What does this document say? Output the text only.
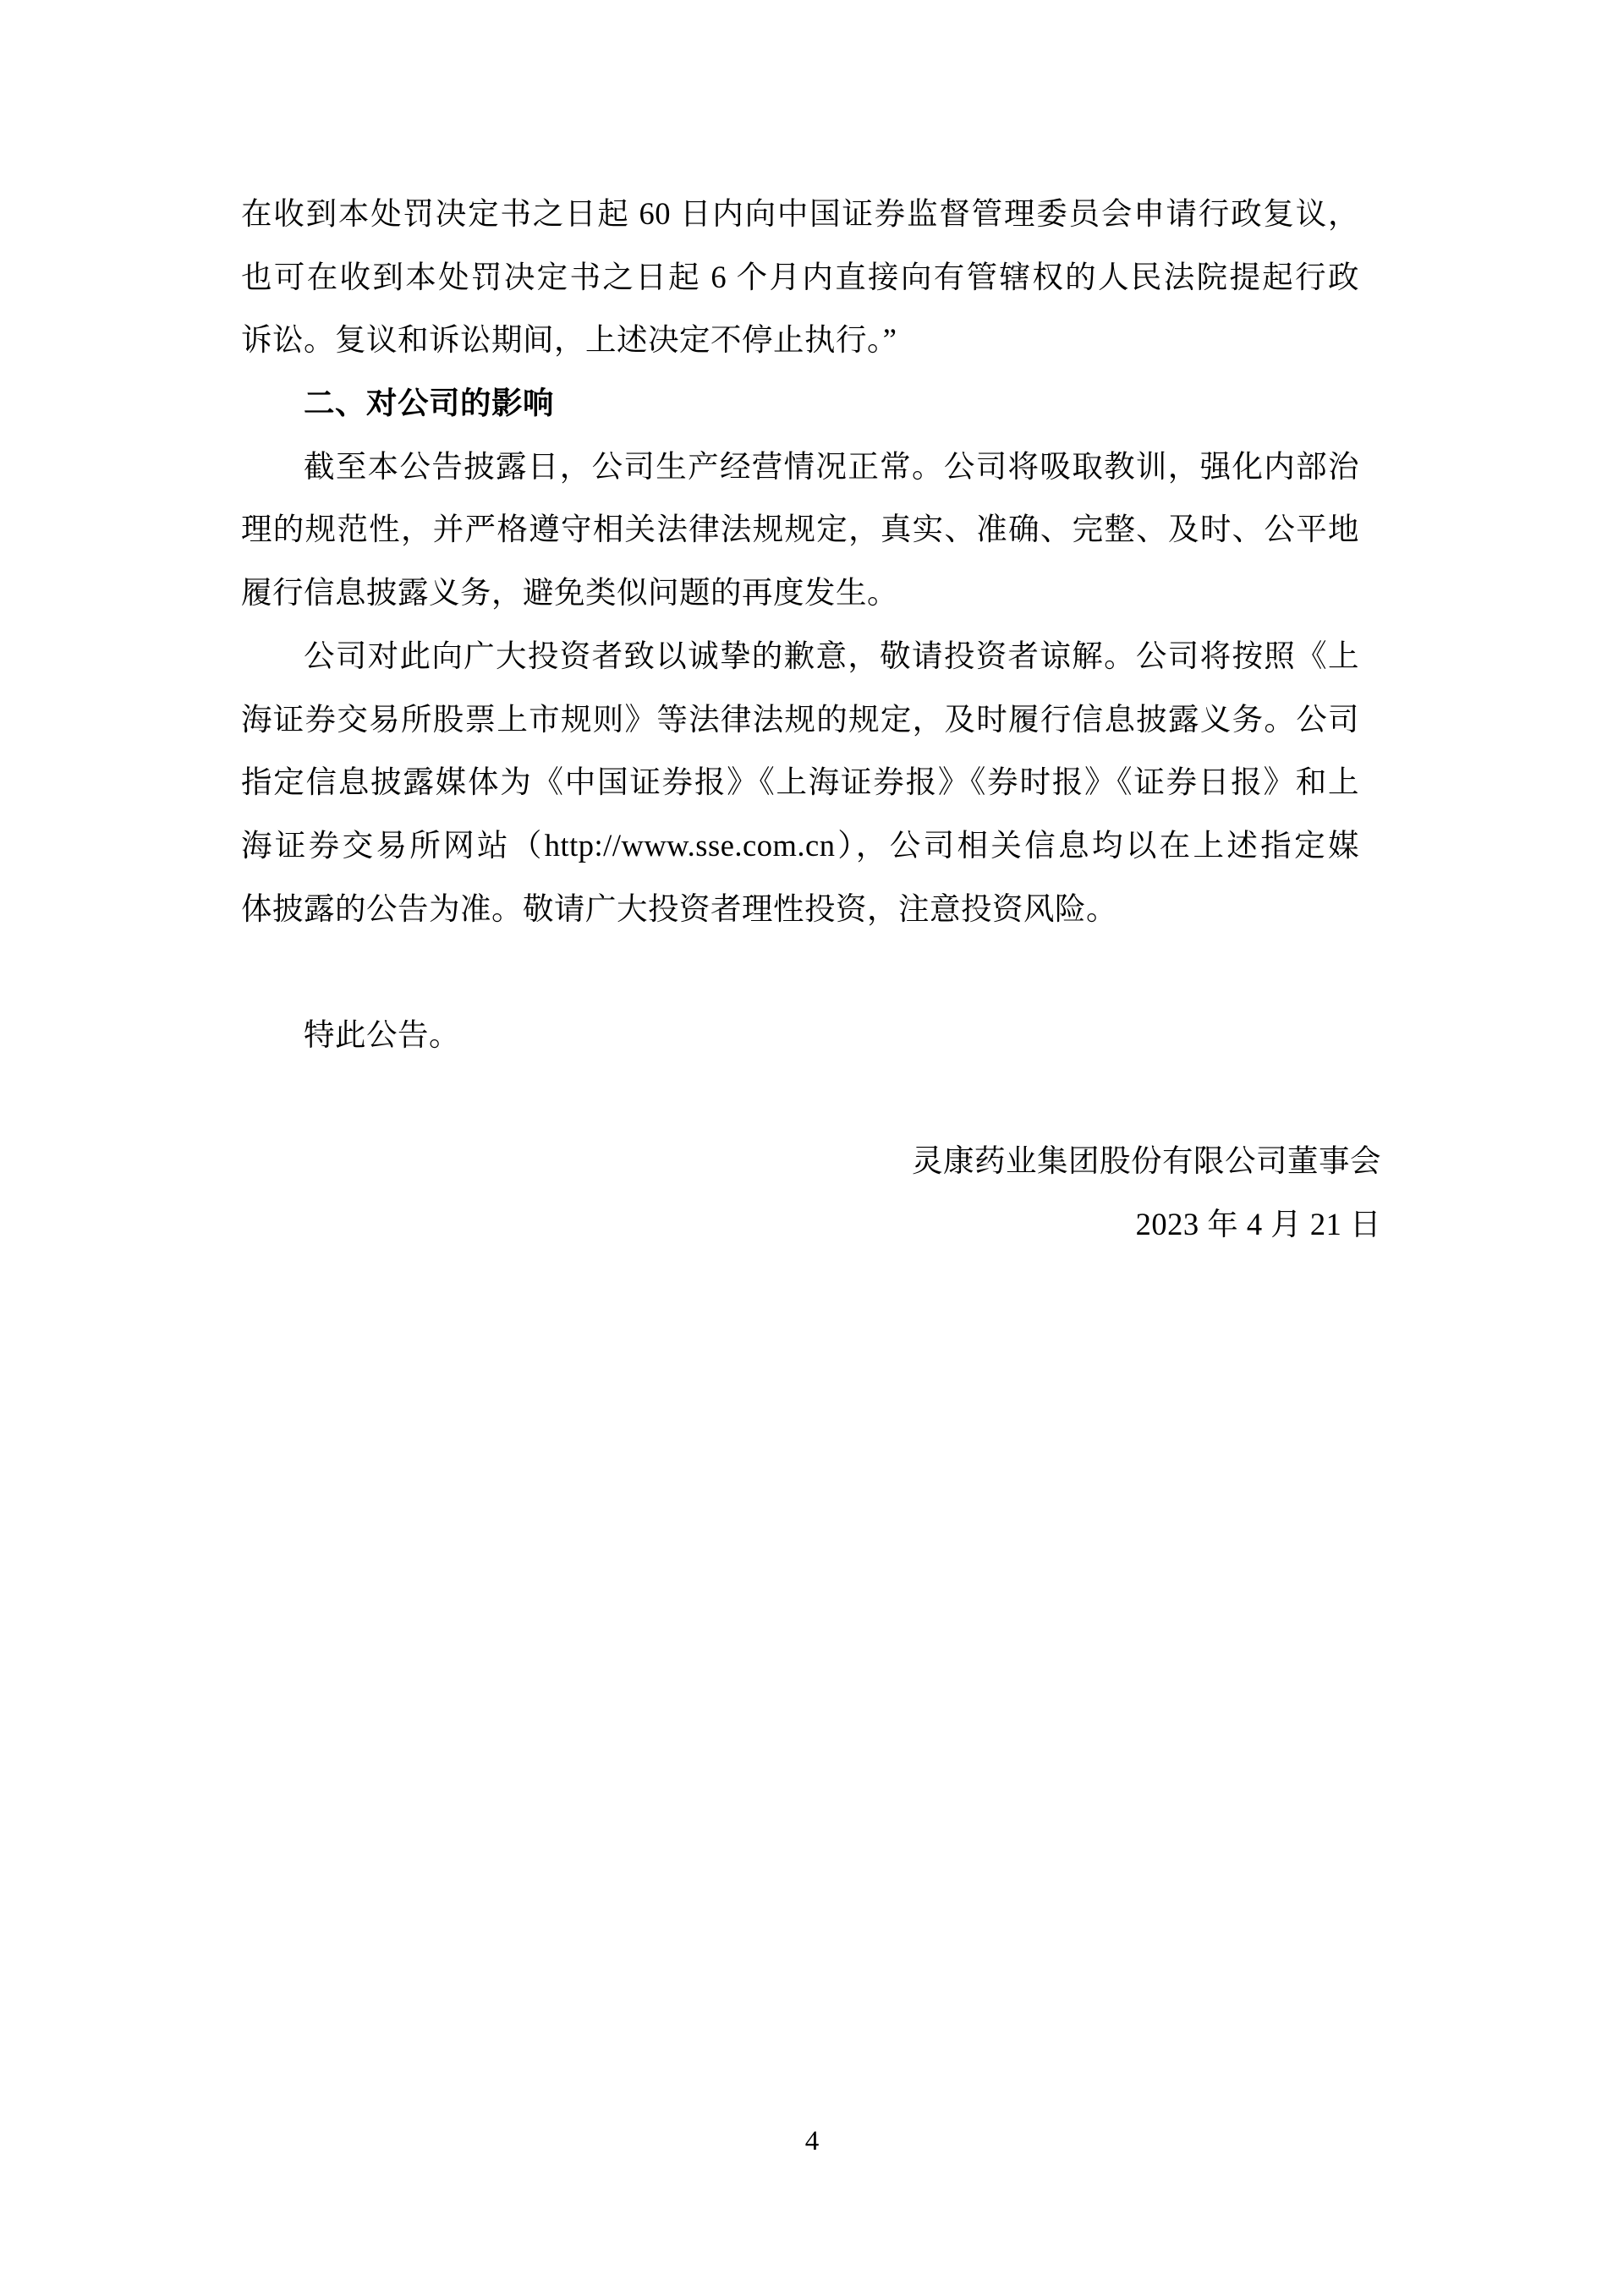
在收到本处罚决定书之日起 60 日内向中国证券监督管理委员会申请行政复议，
也可在收到本处罚决定书之日起 6 个月内直接向有管辖权的人民法院提起行政
诉讼。复议和诉讼期间，上述决定不停止执行。”
二、对公司的影响
截至本公告披露日，公司生产经营情况正常。公司将吸取教训，强化内部治
理的规范性，并严格遵守相关法律法规规定，真实、准确、完整、及时、公平地
履行信息披露义务，避免类似问题的再度发生。
公司对此向广大投资者致以诚挚的歉意，敬请投资者谅解。公司将按照《上
海证券交易所股票上市规则》等法律法规的规定，及时履行信息披露义务。公司
指定信息披露媒体为《中国证券报》《上海证券报》《券时报》《证券日报》和上
海证券交易所网站（http://www.sse.com.cn），公司相关信息均以在上述指定媒
体披露的公告为准。敬请广大投资者理性投资，注意投资风险。
特此公告。
灵康药业集团股份有限公司董事会
2023 年 4 月 21 日
4
